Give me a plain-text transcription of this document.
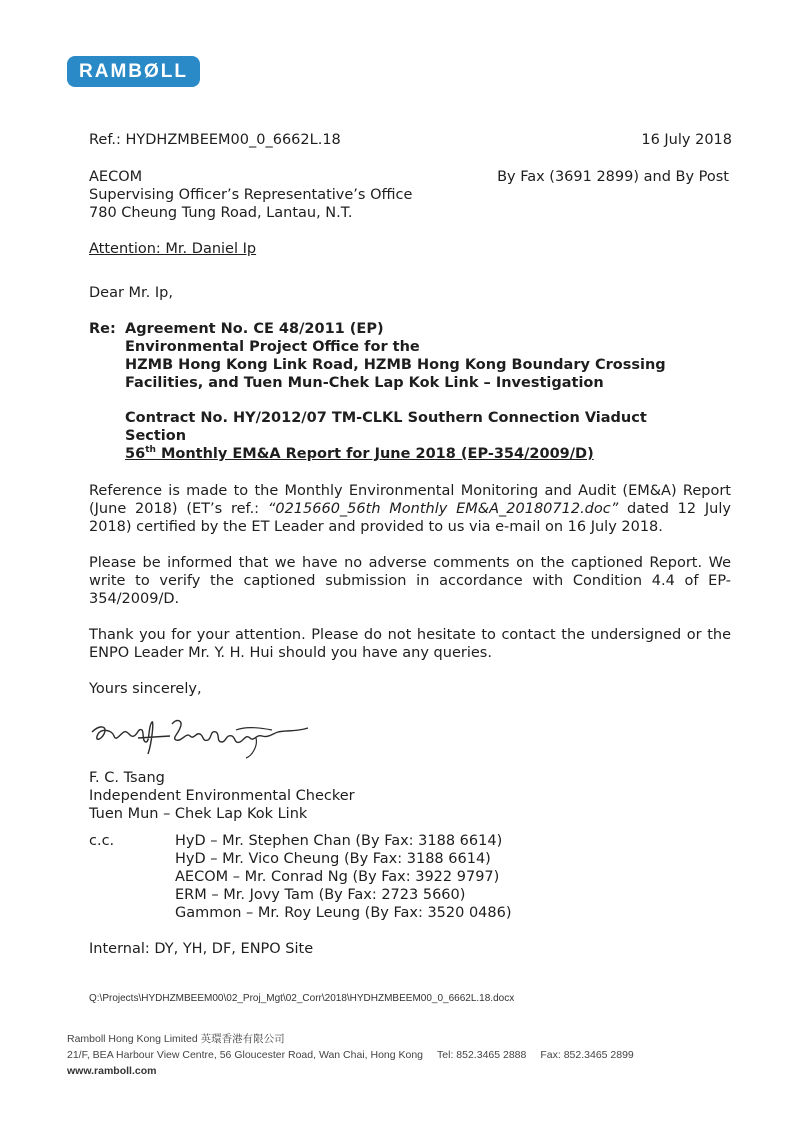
RAMBØLL
Ref.: HYDHZMBEEM00_0_6662L.18	16 July 2018
AECOM
Supervising Officer’s Representative’s Office
780 Cheung Tung Road, Lantau, N.T.
By Fax (3691 2899) and By Post
Attention: Mr. Daniel Ip
Dear Mr. Ip,
Re: Agreement No. CE 48/2011 (EP)
Environmental Project Office for the
HZMB Hong Kong Link Road, HZMB Hong Kong Boundary Crossing
Facilities, and Tuen Mun-Chek Lap Kok Link – Investigation
Contract No. HY/2012/07 TM-CLKL Southern Connection Viaduct
Section
56th Monthly EM&A Report for June 2018 (EP-354/2009/D)
Reference is made to the Monthly Environmental Monitoring and Audit (EM&A) Report (June 2018) (ET’s ref.: “0215660_56th Monthly EM&A_20180712.doc” dated 12 July 2018) certified by the ET Leader and provided to us via e-mail on 16 July 2018.
Please be informed that we have no adverse comments on the captioned Report. We write to verify the captioned submission in accordance with Condition 4.4 of EP-354/2009/D.
Thank you for your attention. Please do not hesitate to contact the undersigned or the ENPO Leader Mr. Y. H. Hui should you have any queries.
Yours sincerely,
F. C. Tsang
Independent Environmental Checker
Tuen Mun – Chek Lap Kok Link
c.c.	HyD – Mr. Stephen Chan (By Fax: 3188 6614)
HyD – Mr. Vico Cheung (By Fax: 3188 6614)
AECOM – Mr. Conrad Ng (By Fax: 3922 9797)
ERM – Mr. Jovy Tam (By Fax: 2723 5660)
Gammon – Mr. Roy Leung (By Fax: 3520 0486)
Internal: DY, YH, DF, ENPO Site
Q:\Projects\HYDHZMBEEM00\02_Proj_Mgt\02_Corr\2018\HYDHZMBEEM00_0_6662L.18.docx
Ramboll Hong Kong Limited 英環香港有限公司
21/F, BEA Harbour View Centre, 56 Gloucester Road, Wan Chai, Hong Kong Tel: 852.3465 2888 Fax: 852.3465 2899
www.ramboll.com
